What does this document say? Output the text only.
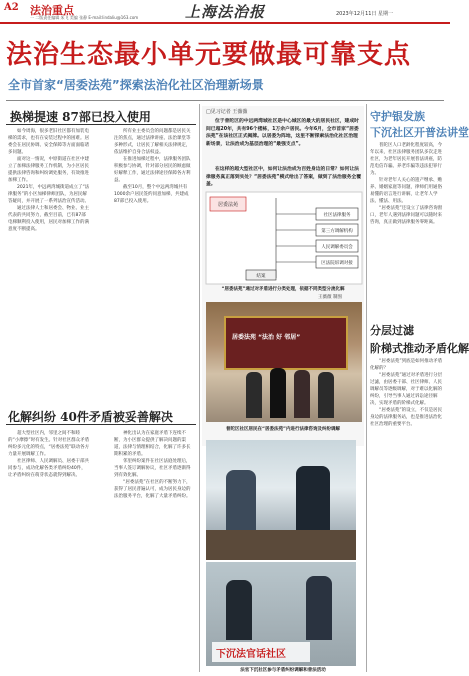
A2 法治重点
一 二版责任编辑 朱飞 美编 张静 E-mail:lindaliu@163.com	上海法治报	2023年12月11日 星期一
法治生态最小单元要做最可靠支点
全市首家“居委法苑”探索法治化社区治理新场景
换梯提速 87部已投入使用

如今周海，很多老旧社区都有加装电梯的需求，也有在安装过程中的困难。居委会在居民协调、安全保障等方面面临诸多问题。

面对这一情况，中原街道在社区中建立了加梯法律服务工作机制，为小区居民提供法律咨询和纠纷调处服务，有效推进加梯工作。

2021年，中远两湾城街道成立了“法律服务”的小区加梯律师团队，为居民解答疑问，并开展了一系列法治宣传活动。

通过法律人士和居委会、物业、业主代表的共同努力，截至目前，已有87部电梯顺利投入使用，居民对加梯工作的满意度不断提高。

所有业主委员会的问题都是居民关注的焦点，通过法律讲座、法治课堂等多种形式，让居民了解相关法律规定，依法维护自身合法权益。

在推进加梯过程中，法律服务团队积极参与协调，针对部分居民的顾虑做好解释工作，通过法律途径保障各方利益。

截至10月，整个中远两湾城共有1000余户居民签约同意加梯，共建成87部已投入使用。

化解纠纷 40件矛盾被妥善解决

超大型社区内，邻里之间不和睦的“小摩擦”时有发生。针对社区群众矛盾纠纷多元化的特点，“居委法苑”联动各方力量开展调解工作。

社区律师、人民调解员、居委干部共同参与，成功化解各类矛盾纠纷40件，让矛盾纠纷在萌芽状态就得到解决。

神化出认为在家庭矛盾下连续不断，为小区群众提供了解决问题的渠道，法律与情理相结合，化解了许多长期积累的矛盾。

邻里纠纷案件在社区法庭处理后，当事人签订调解协议，社区矛盾逐渐得到有效化解。

“居委法苑”在社区的不断努力下，获得了居民普遍认可，成为居民身边的法治服务平台，化解了大量矛盾纠纷。

□见习记者 王薇薇

位于普陀区的中远两湾城社区是中心城区的最大的居民社区，建成时间已超20年，共有96个楼栋，1万余户居民。今年6月，全市首家“居委法苑”在该社区正式揭牌。以居委为阵地，这里不断探索法治化社区治理新场景，让法治成为基层治理的“最强支点”。

在这样的超大型社区中，如何让法治成为百姓身边的日常？如何让法律服务真正落到实处？“居委法苑”模式给出了答案，做到了法治服务全覆盖。

居委法苑
社区法律服务
第三方调解机构
人民调解委员会
区法院诉调对接
结案
“居委法苑”通过对矛盾进行分类处理，依据不同类型分流化解
王薇薇 制图
居委法苑 “法治 好 邻居”
普陀区社区居民在“居委法苑”内进行法律咨询及纠纷调解
下沉法官话社区
法官下沉社区参与矛盾纠纷调解和普法活动
守护银发族
下沉社区开普法讲堂

普陀区人口老龄化程度较高，今年以来，社区法律服务团队多次走进社区，为老年居民开展普法讲座，防范电信诈骗、养老诈骗等违法犯罪行为。

针对老年人关心的遗产继承、赡养、婚姻家庭等问题，律师们用通俗易懂的语言进行讲解，让老年人学法、懂法、用法。

“居委法苑”还设立了法律咨询窗口，老年人遇到法律问题可以随时来咨询，真正做到法律服务零距离。

分层过滤
阶梯式推动矛盾化解

“居委法苑”到底是如何推动矛盾化解的？

“居委法苑”通过对矛盾进行分层过滤，由居委干部、社区律师、人民调解员等逐级调解，对于难以化解的纠纷，引导当事人通过诉讼途径解决，实现矛盾的阶梯式化解。

“居委法苑”的设立，不仅是居民身边的法律服务站，也是推进法治化社区治理的重要平台。
